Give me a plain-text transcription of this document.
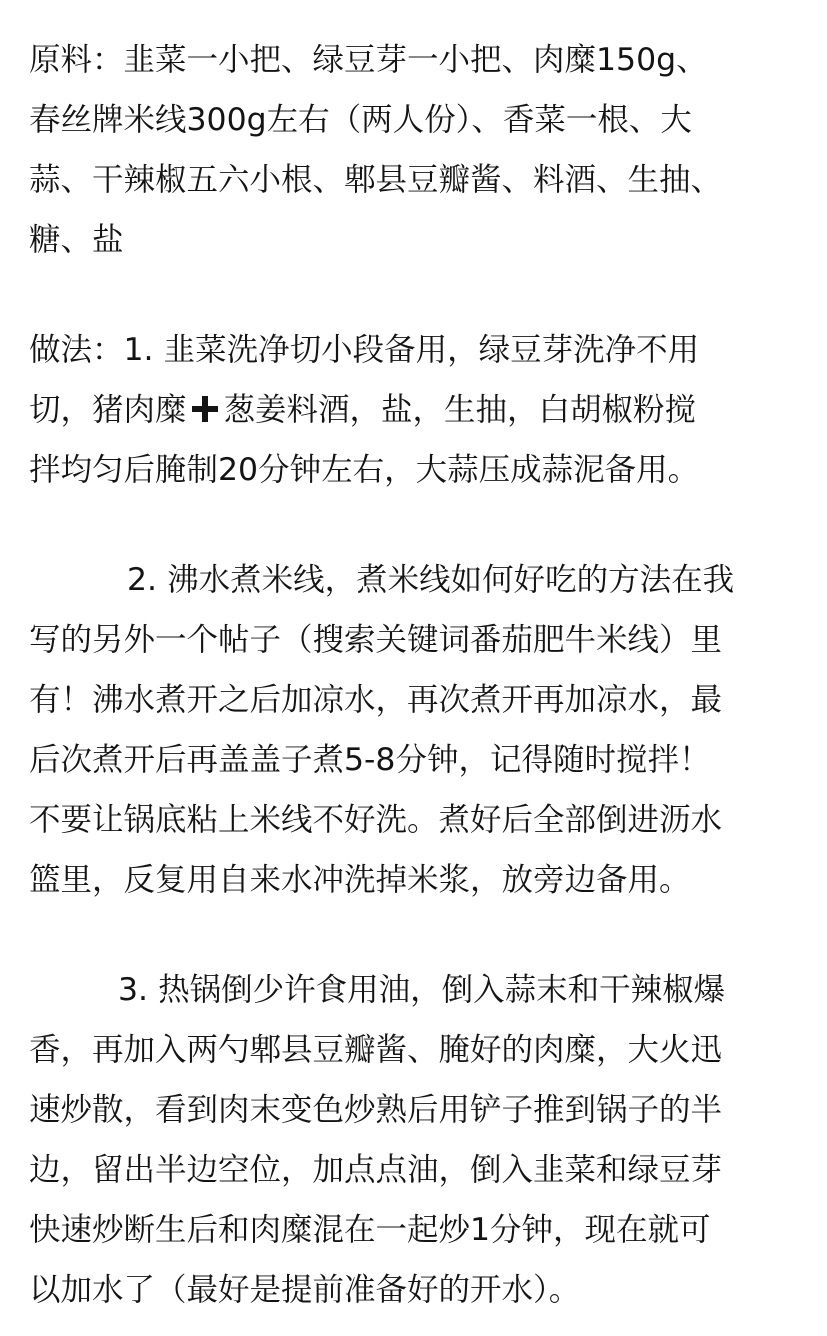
原料：韭菜一小把、绿豆芽一小把、肉糜150g、
春丝牌米线300g左右（两人份）、香菜一根、大
蒜、干辣椒五六小根、郫县豆瓣酱、料酒、生抽、
糖、盐
做法：1. 韭菜洗净切小段备用，绿豆芽洗净不用
切，猪肉糜 葱姜料酒，盐，生抽，白胡椒粉搅
拌均匀后腌制20分钟左右，大蒜压成蒜泥备用。
2. 沸水煮米线，煮米线如何好吃的方法在我
写的另外一个帖子（搜索关键词番茄肥牛米线）里
有！沸水煮开之后加凉水，再次煮开再加凉水，最
后次煮开后再盖盖子煮5-8分钟，记得随时搅拌！
不要让锅底粘上米线不好洗。煮好后全部倒进沥水
篮里，反复用自来水冲洗掉米浆，放旁边备用。
3. 热锅倒少许食用油，倒入蒜末和干辣椒爆
香，再加入两勺郫县豆瓣酱、腌好的肉糜，大火迅
速炒散，看到肉末变色炒熟后用铲子推到锅子的半
边，留出半边空位，加点点油，倒入韭菜和绿豆芽
快速炒断生后和肉糜混在一起炒1分钟，现在就可
以加水了（最好是提前准备好的开水）。
